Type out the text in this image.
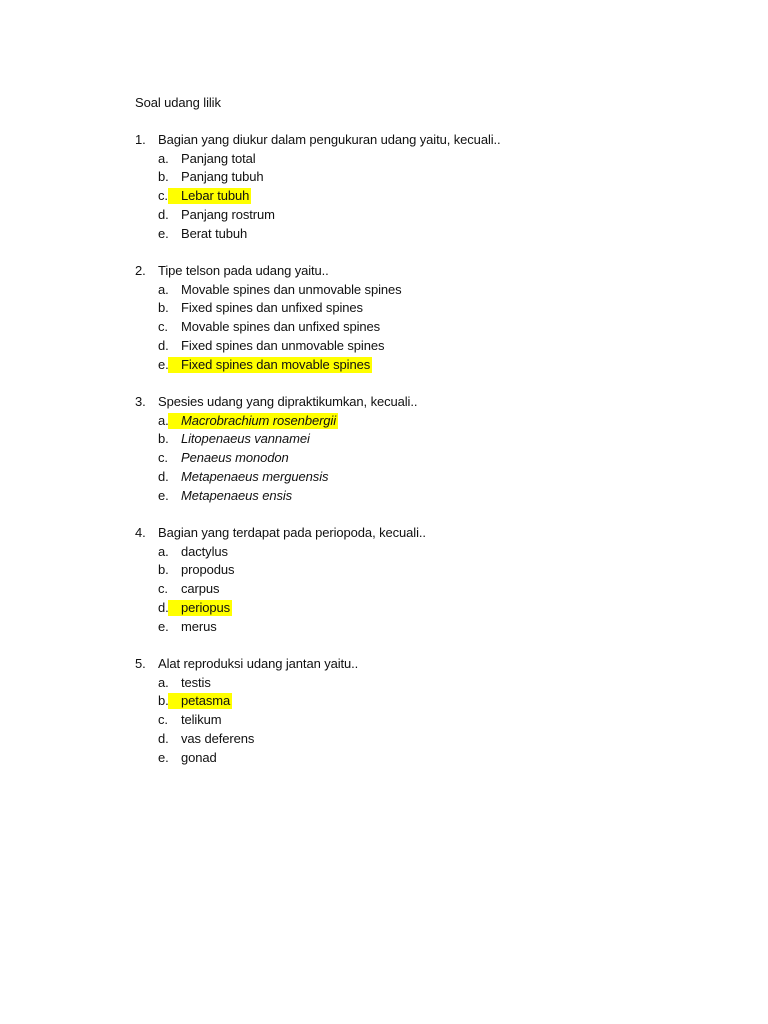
Soal udang lilik
1. Bagian yang diukur dalam pengukuran udang yaitu, kecuali..
a. Panjang total
b. Panjang tubuh
c. Lebar tubuh
d. Panjang rostrum
e. Berat tubuh
2. Tipe telson pada udang yaitu..
a. Movable spines dan unmovable spines
b. Fixed spines dan unfixed spines
c. Movable spines dan unfixed spines
d. Fixed spines dan unmovable spines
e. Fixed spines dan movable spines
3. Spesies udang yang dipraktikumkan, kecuali..
a. Macrobrachium rosenbergii
b. Litopenaeus vannamei
c. Penaeus monodon
d. Metapenaeus merguensis
e. Metapenaeus ensis
4. Bagian yang terdapat pada periopoda, kecuali..
a. dactylus
b. propodus
c. carpus
d. periopus
e. merus
5. Alat reproduksi udang jantan yaitu..
a. testis
b. petasma
c. telikum
d. vas deferens
e. gonad
